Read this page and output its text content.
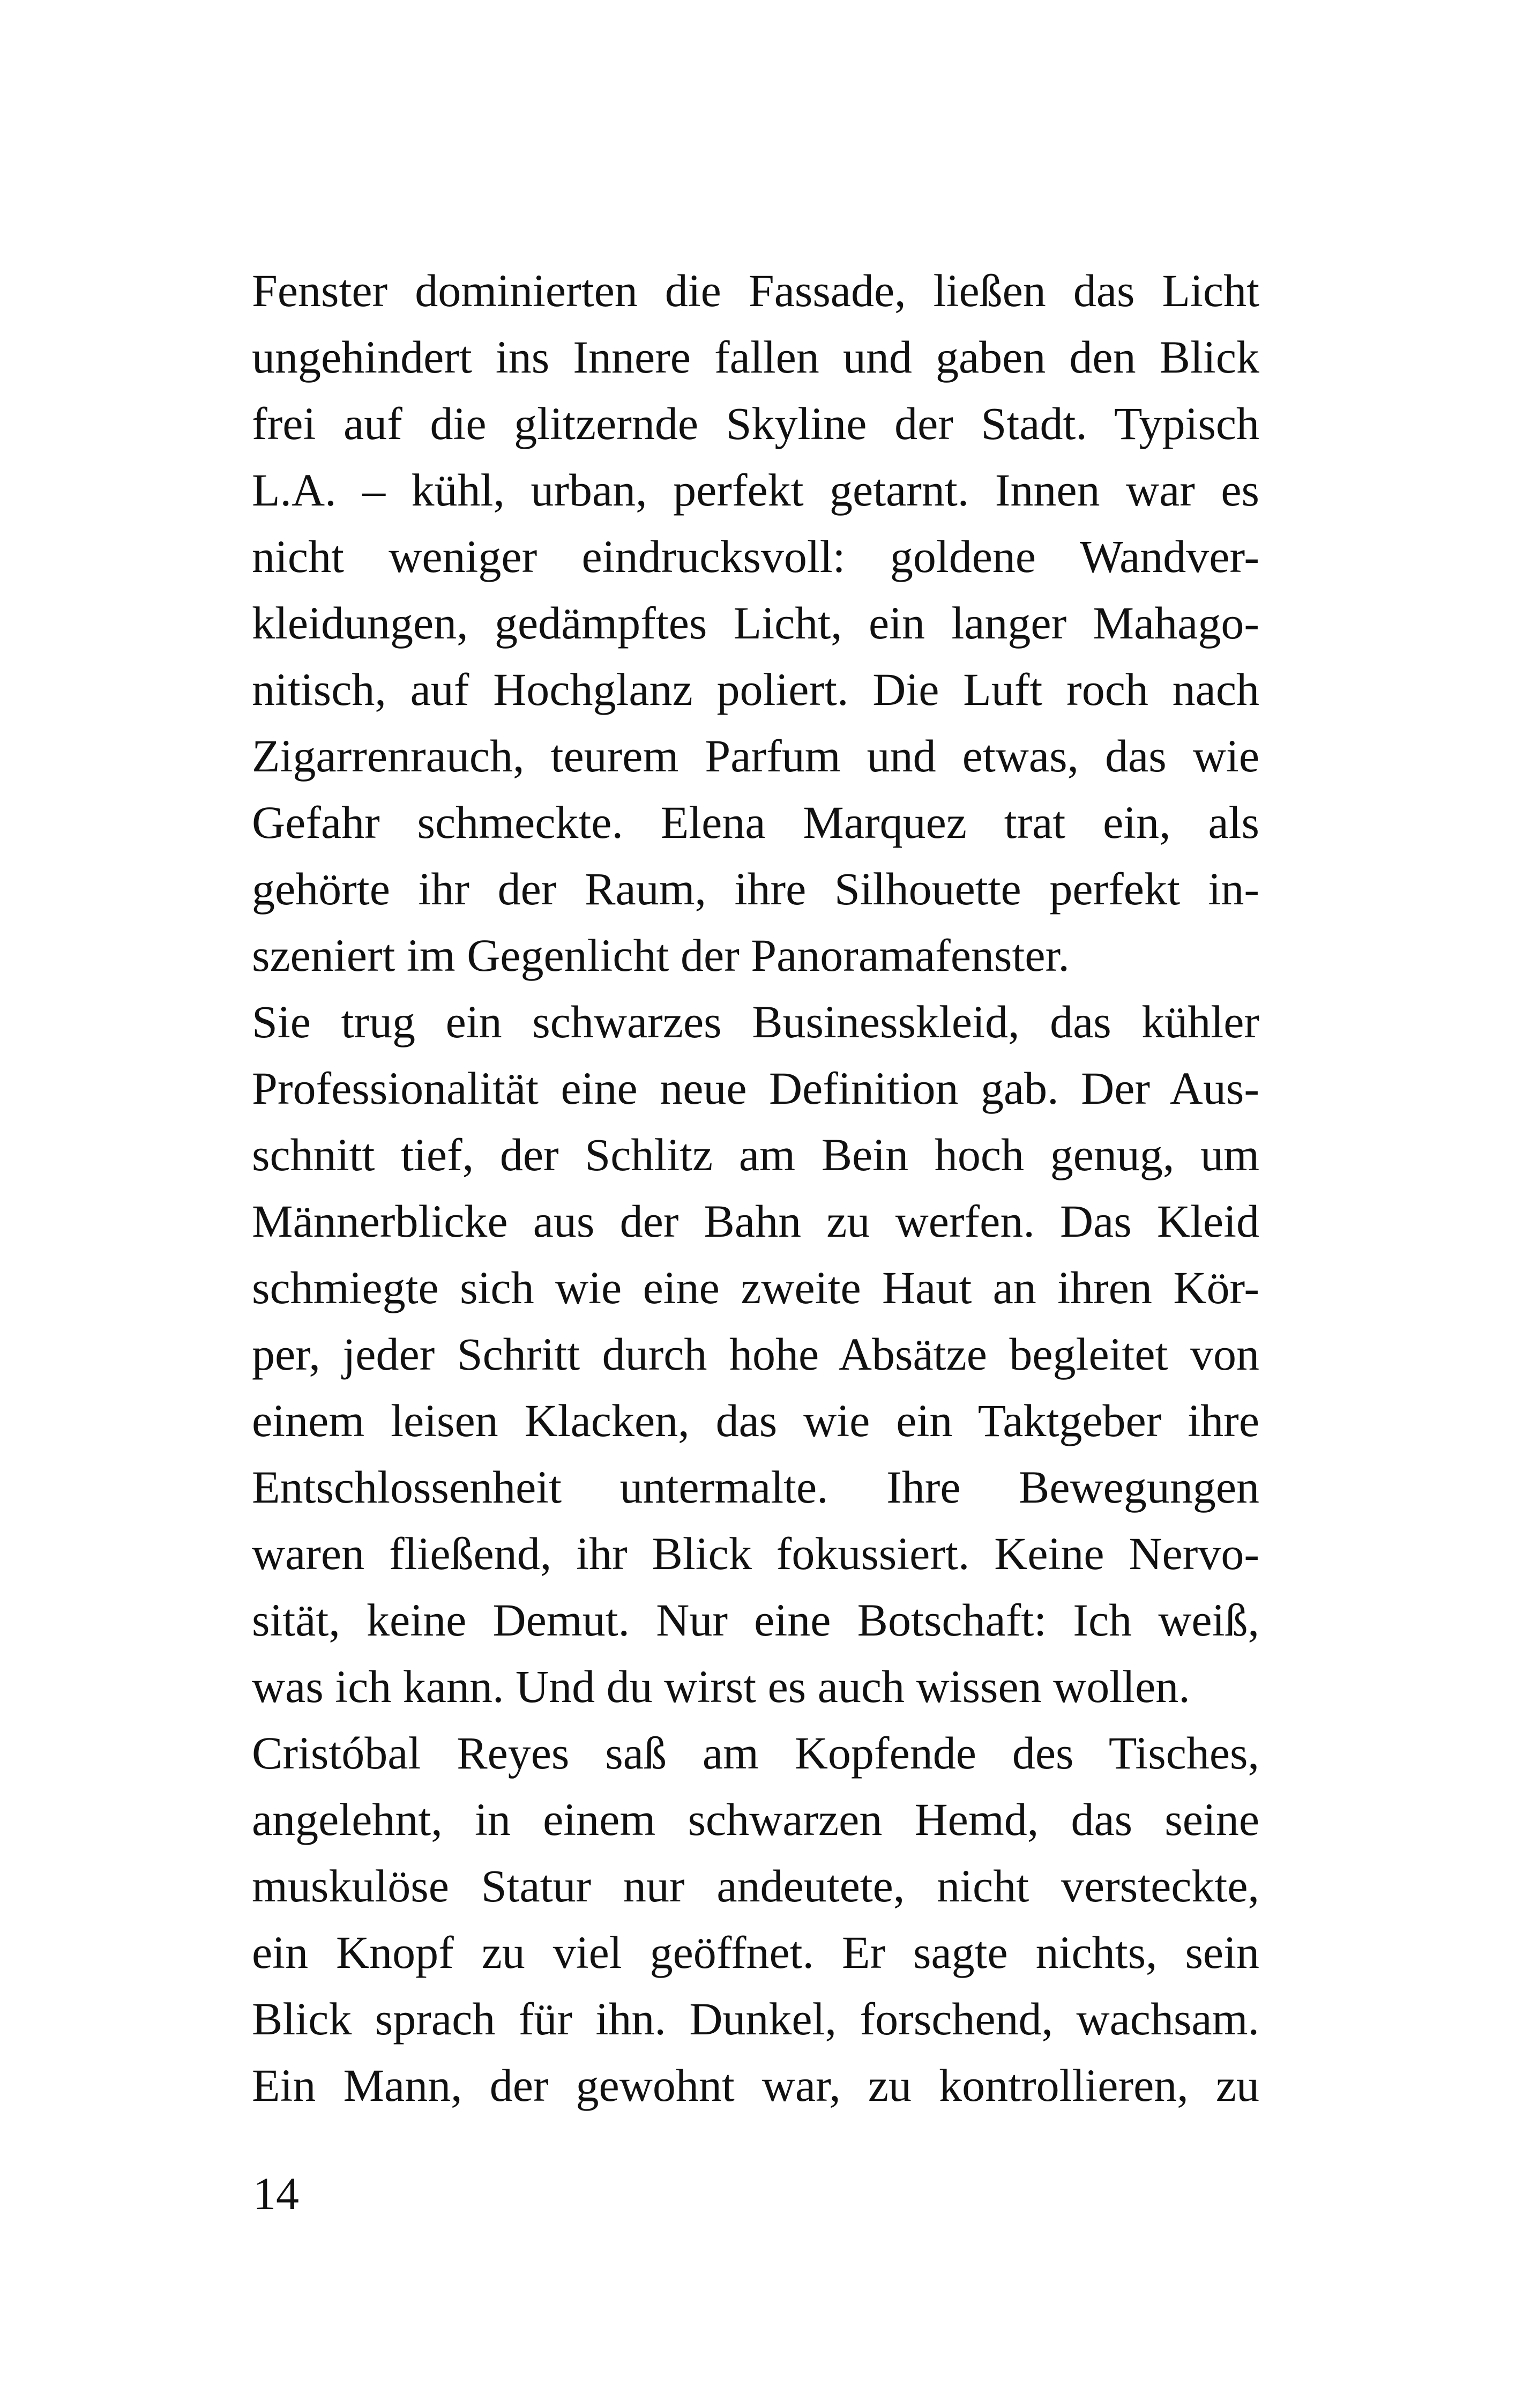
Fenster dominierten die Fassade, ließen das Licht
ungehindert ins Innere fallen und gaben den Blick
frei auf die glitzernde Skyline der Stadt. Typisch
L.A. – kühl, urban, perfekt getarnt. Innen war es
nicht weniger eindrucksvoll: goldene Wandver-
kleidungen, gedämpftes Licht, ein langer Mahago-
nitisch, auf Hochglanz poliert. Die Luft roch nach
Zigarrenrauch, teurem Parfum und etwas, das wie
Gefahr schmeckte. Elena Marquez trat ein, als
gehörte ihr der Raum, ihre Silhouette perfekt in-
szeniert im Gegenlicht der Panoramafenster.
Sie trug ein schwarzes Businesskleid, das kühler
Professionalität eine neue Definition gab. Der Aus-
schnitt tief, der Schlitz am Bein hoch genug, um
Männerblicke aus der Bahn zu werfen. Das Kleid
schmiegte sich wie eine zweite Haut an ihren Kör-
per, jeder Schritt durch hohe Absätze begleitet von
einem leisen Klacken, das wie ein Taktgeber ihre
Entschlossenheit untermalte. Ihre Bewegungen
waren fließend, ihr Blick fokussiert. Keine Nervo-
sität, keine Demut. Nur eine Botschaft: Ich weiß,
was ich kann. Und du wirst es auch wissen wollen.
Cristóbal Reyes saß am Kopfende des Tisches,
angelehnt, in einem schwarzen Hemd, das seine
muskulöse Statur nur andeutete, nicht versteckte,
ein Knopf zu viel geöffnet. Er sagte nichts, sein
Blick sprach für ihn. Dunkel, forschend, wachsam.
Ein Mann, der gewohnt war, zu kontrollieren, zu
14
